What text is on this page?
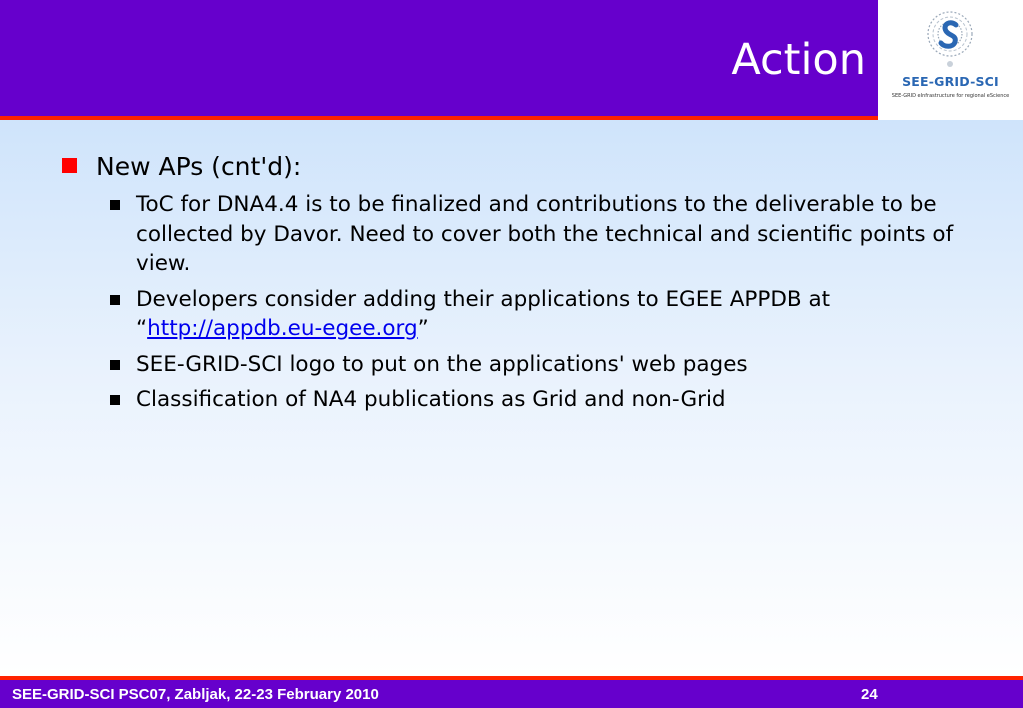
Action	SEE-GRID-SCI
SEE-GRID eInfrastructure for regional eScience
New APs (cnt'd):
ToC for DNA4.4 is to be finalized and contributions to the deliverable to be collected by Davor. Need to cover both the technical and scientific points of view.
Developers consider adding their applications to EGEE APPDB at “http://appdb.eu-egee.org”
SEE-GRID-SCI logo to put on the applications' web pages
Classification of NA4 publications as Grid and non-Grid
SEE-GRID-SCI PSC07, Zabljak, 22-23 February 2010	24
